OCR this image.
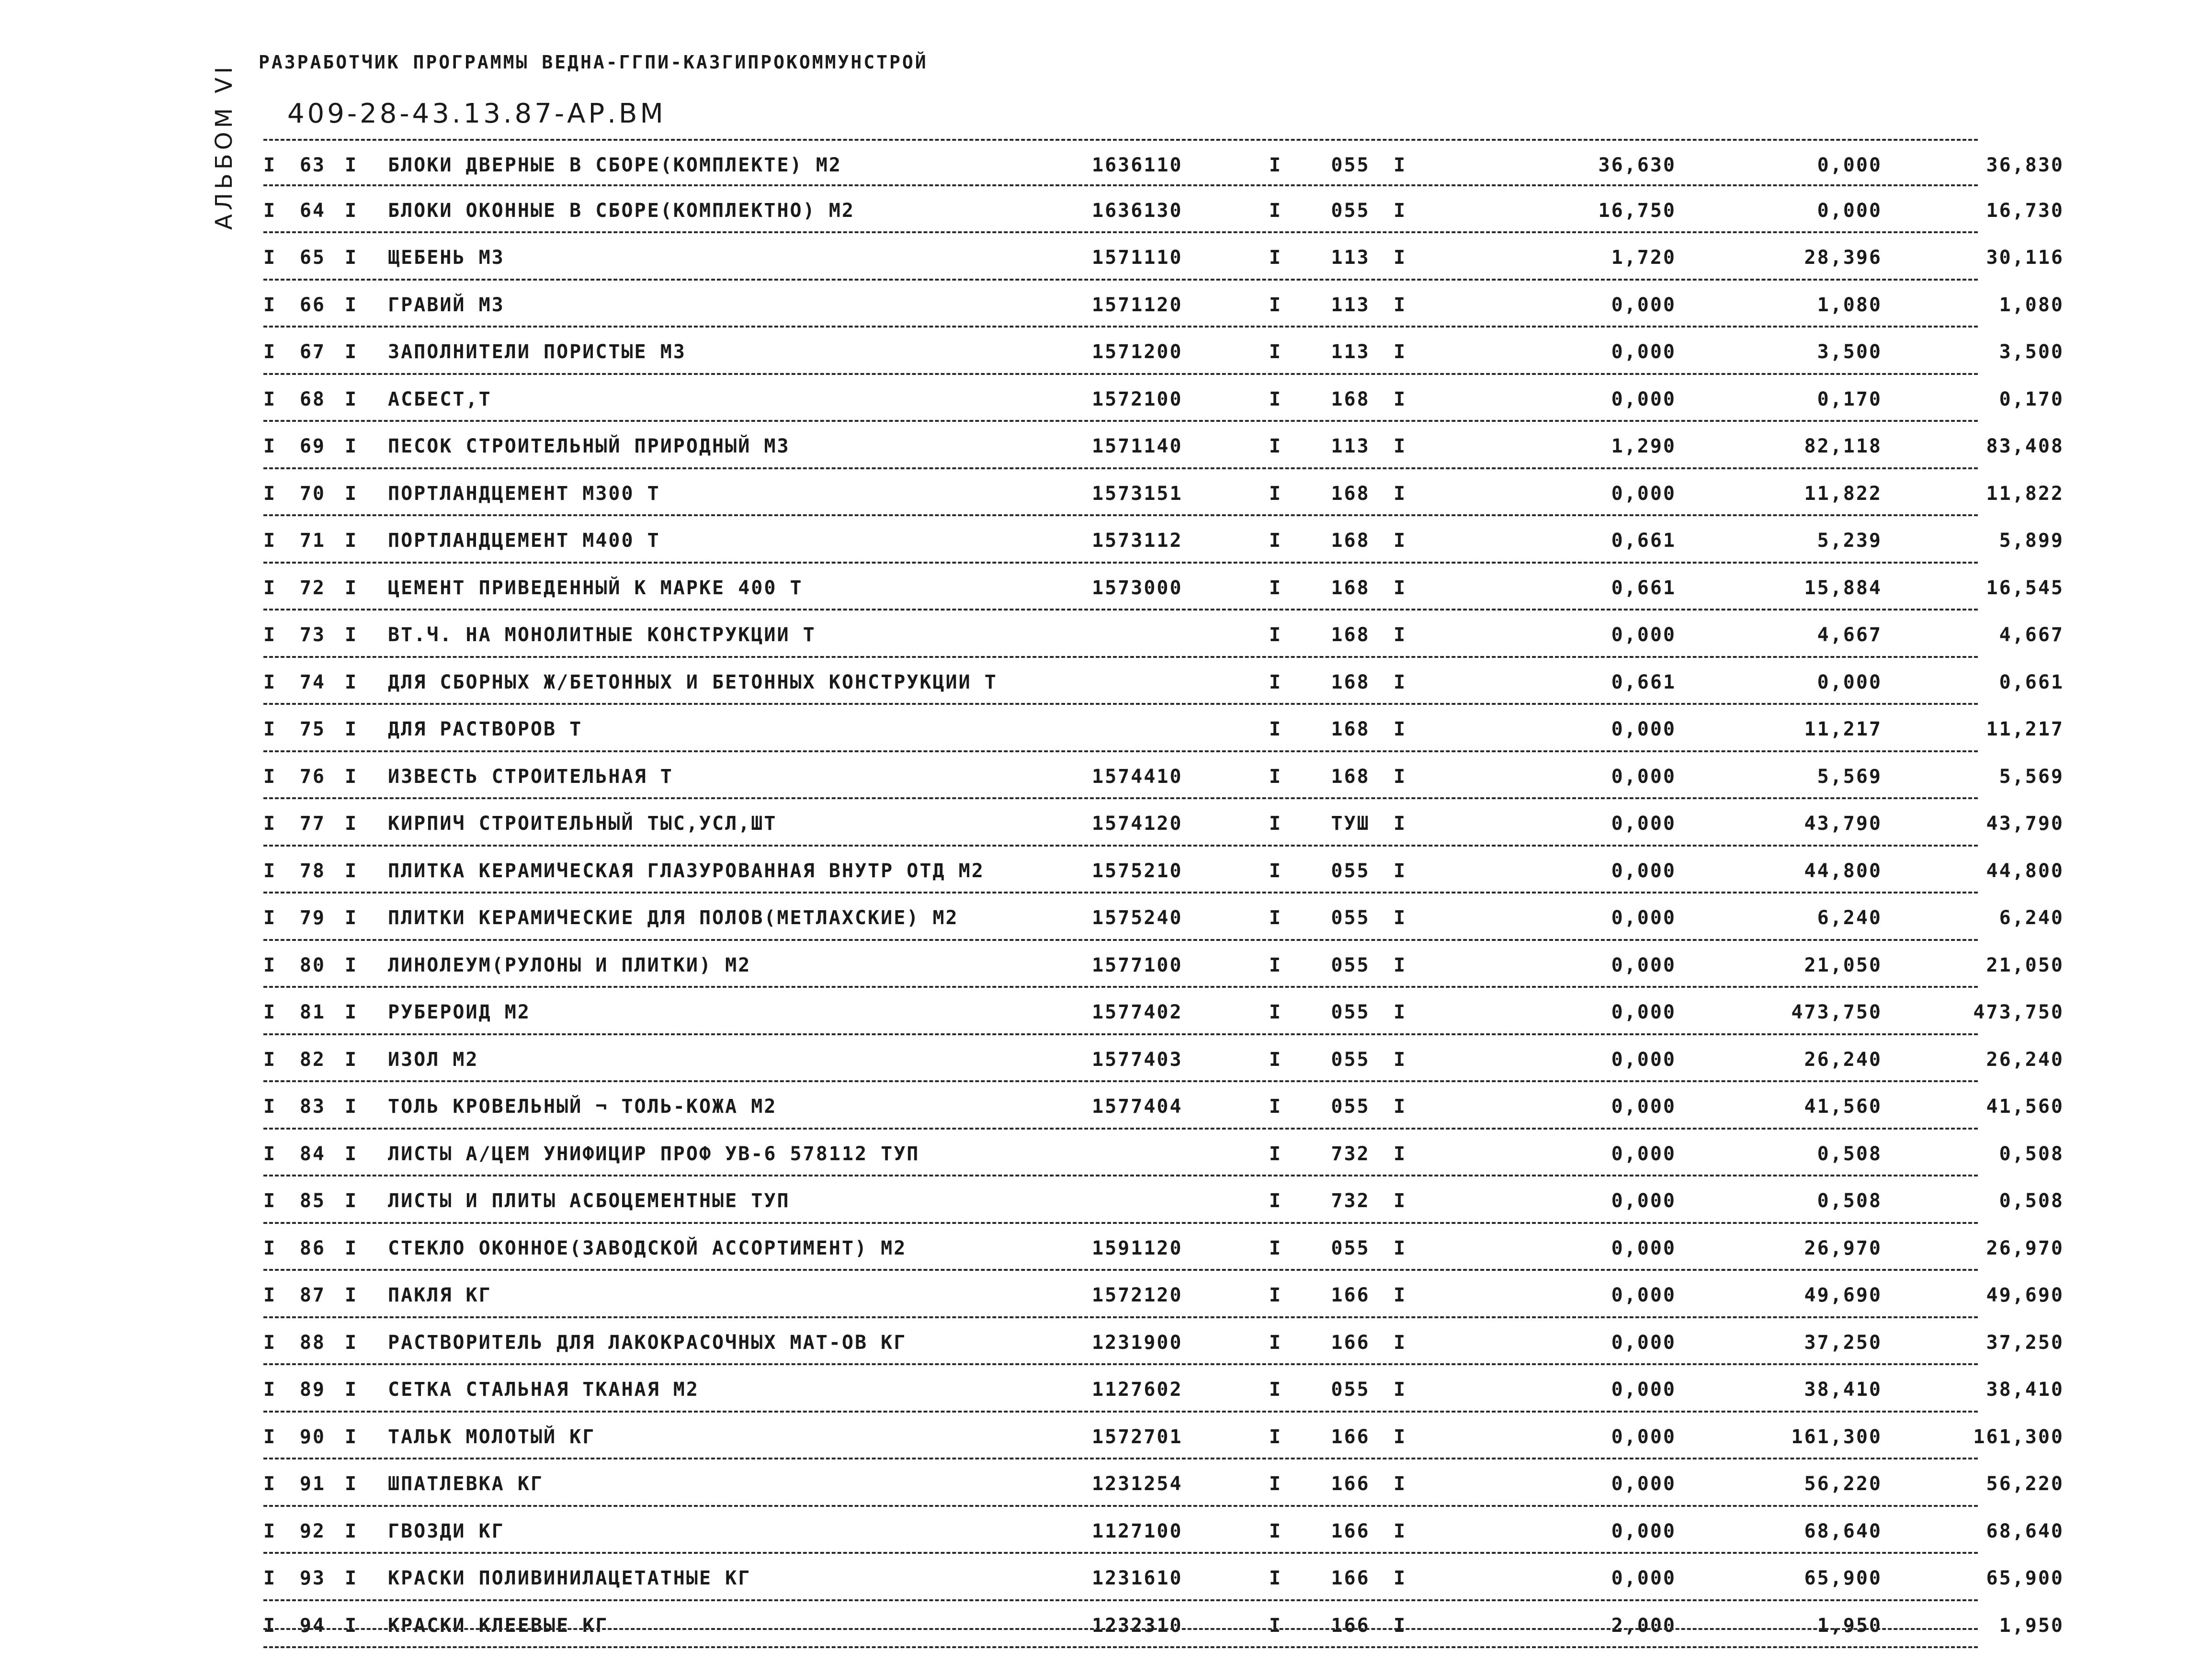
РАЗРАБОТЧИК ПРОГРАММЫ ВЕДНА-ГГПИ-КАЗГИПРОКОММУНСТРОЙ
409-28-43.13.87-АР.ВМ
АЛЬБОМ VI I	63 I БЛОКИ ДВЕРНЫЕ В СБОРЕ(КОМПЛЕКТЕ) М2	1636110	I	055	I	36,630	0,000	36,830
I	64 I БЛОКИ ОКОННЫЕ В СБОРЕ(КОМПЛЕКТНО) М2	1636130	I	055	I	16,750	0,000	16,730
I	65 I ЩЕБЕНЬ М3	1571110	I	113	I	1,720	28,396	30,116
I	66 I ГРАВИЙ М3	1571120	I	113	I	0,000	1,080	1,080
I	67 I ЗАПОЛНИТЕЛИ ПОРИСТЫЕ М3	1571200	I	113	I	0,000	3,500	3,500
I	68 I АСБЕСТ,Т	1572100	I	168	I	0,000	0,170	0,170
I	69 I ПЕСОК СТРОИТЕЛЬНЫЙ ПРИРОДНЫЙ М3	1571140	I	113	I	1,290	82,118	83,408
I	70 I ПОРТЛАНДЦЕМЕНТ М300 Т	1573151	I	168	I	0,000	11,822	11,822
I	71 I ПОРТЛАНДЦЕМЕНТ М400 Т	1573112	I	168	I	0,661	5,239	5,899
I	72 I ЦЕМЕНТ ПРИВЕДЕННЫЙ К МАРКЕ 400 Т	1573000	I	168	I	0,661	15,884	16,545
I	73 I ВТ.Ч. НА МОНОЛИТНЫЕ КОНСТРУКЦИИ Т	I	168	I	0,000	4,667	4,667
I	74 I ДЛЯ СБОРНЫХ Ж/БЕТОННЫХ И БЕТОННЫХ КОНСТРУКЦИИ Т	I	168	I	0,661	0,000	0,661
I	75 I ДЛЯ РАСТВОРОВ Т	I	168	I	0,000	11,217	11,217
I	76 I ИЗВЕСТЬ СТРОИТЕЛЬНАЯ Т	1574410	I	168	I	0,000	5,569	5,569
I	77 I КИРПИЧ СТРОИТЕЛЬНЫЙ ТЫС,УСЛ,ШТ	1574120	I	ТУШ	I	0,000	43,790	43,790
I	78 I ПЛИТКА КЕРАМИЧЕСКАЯ ГЛАЗУРОВАННАЯ ВНУТР ОТД М2	1575210	I	055	I	0,000	44,800	44,800
I	79 I ПЛИТКИ КЕРАМИЧЕСКИЕ ДЛЯ ПОЛОВ(МЕТЛАХСКИЕ) М2	1575240	I	055	I	0,000	6,240	6,240
I	80 I ЛИНОЛЕУМ(РУЛОНЫ И ПЛИТКИ) М2	1577100	I	055	I	0,000	21,050	21,050
I	81 I РУБЕРОИД М2	1577402	I	055	I	0,000	473,750	473,750
I	82 I ИЗОЛ М2	1577403	I	055	I	0,000	26,240	26,240
I	83 I ТОЛЬ КРОВЕЛЬНЫЙ ¬ ТОЛЬ-КОЖА М2	1577404	I	055	I	0,000	41,560	41,560
I	84 I ЛИСТЫ А/ЦЕМ УНИФИЦИР ПРОФ УВ-6 578112 ТУП	I	732	I	0,000	0,508	0,508
I	85 I ЛИСТЫ И ПЛИТЫ АСБОЦЕМЕНТНЫЕ ТУП	I	732	I	0,000	0,508	0,508
I	86 I СТЕКЛО ОКОННОЕ(ЗАВОДСКОЙ АССОРТИМЕНТ) М2	1591120	I	055	I	0,000	26,970	26,970
I	87 I ПАКЛЯ КГ	1572120	I	166	I	0,000	49,690	49,690
I	88 I РАСТВОРИТЕЛЬ ДЛЯ ЛАКОКРАСОЧНЫХ МАТ-ОВ КГ	1231900	I	166	I	0,000	37,250	37,250
I	89 I СЕТКА СТАЛЬНАЯ ТКАНАЯ М2	1127602	I	055	I	0,000	38,410	38,410
I	90 I ТАЛЬК МОЛОТЫЙ КГ	1572701	I	166	I	0,000	161,300	161,300
I	91 I ШПАТЛЕВКА КГ	1231254	I	166	I	0,000	56,220	56,220
I	92 I ГВОЗДИ КГ	1127100	I	166	I	0,000	68,640	68,640
I	93 I КРАСКИ ПОЛИВИНИЛАЦЕТАТНЫЕ КГ	1231610	I	166	I	0,000	65,900	65,900
I	94 I КРАСКИ КЛЕЕВЫЕ КГ	1232310	I	166	I	2,000	1,950	1,950
